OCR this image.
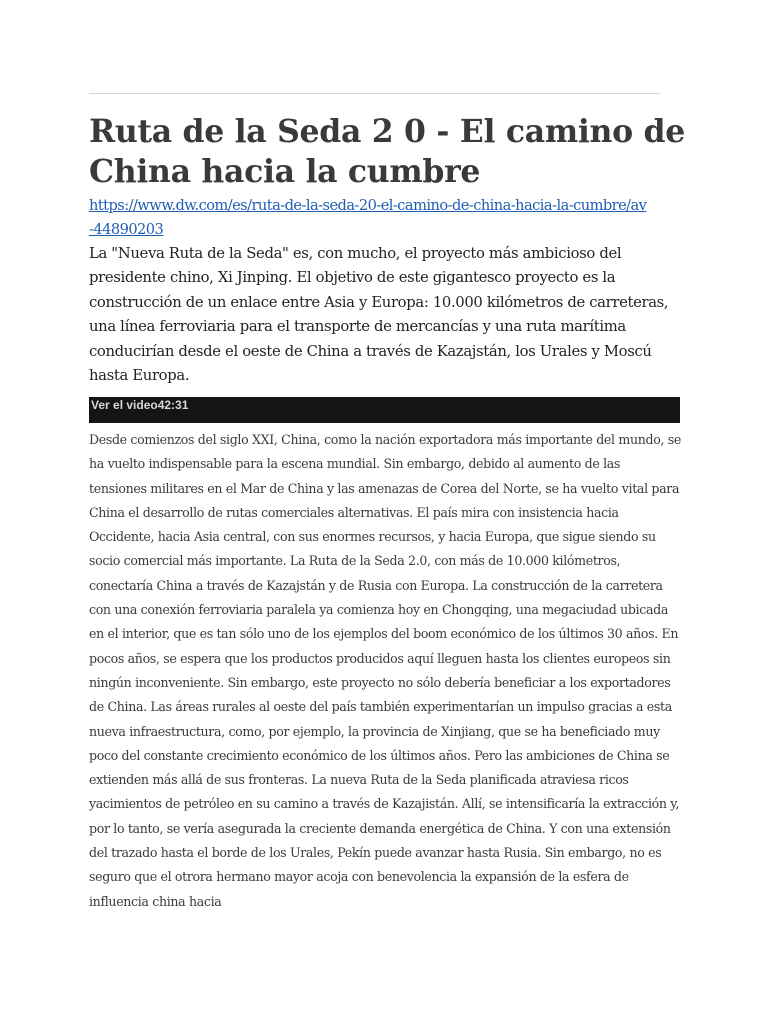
Ruta de la Seda 2 0 - El camino de China hacia la cumbre
https://www.dw.com/es/ruta-de-la-seda-20-el-camino-de-china-hacia-la-cumbre/av-44890203

La "Nueva Ruta de la Seda" es, con mucho, el proyecto más ambicioso del presidente chino, Xi Jinping. El objetivo de este gigantesco proyecto es la construcción de un enlace entre Asia y Europa: 10.000 kilómetros de carreteras, una línea ferroviaria para el transporte de mercancías y una ruta marítima conducirían desde el oeste de China a través de Kazajstán, los Urales y Moscú hasta Europa.

Ver el video42:31

Desde comienzos del siglo XXI, China, como la nación exportadora más importante del mundo, se ha vuelto indispensable para la escena mundial. Sin embargo, debido al aumento de las tensiones militares en el Mar de China y las amenazas de Corea del Norte, se ha vuelto vital para China el desarrollo de rutas comerciales alternativas. El país mira con insistencia hacia Occidente, hacia Asia central, con sus enormes recursos, y hacia Europa, que sigue siendo su socio comercial más importante. La Ruta de la Seda 2.0, con más de 10.000 kilómetros, conectaría China a través de Kazajstán y de Rusia con Europa. La construcción de la carretera con una conexión ferroviaria paralela ya comienza hoy en Chongqing, una megaciudad ubicada en el interior, que es tan sólo uno de los ejemplos del boom económico de los últimos 30 años. En pocos años, se espera que los productos producidos aquí lleguen hasta los clientes europeos sin ningún inconveniente. Sin embargo, este proyecto no sólo debería beneficiar a los exportadores de China. Las áreas rurales al oeste del país también experimentarían un impulso gracias a esta nueva infraestructura, como, por ejemplo, la provincia de Xinjiang, que se ha beneficiado muy poco del constante crecimiento económico de los últimos años. Pero las ambiciones de China se extienden más allá de sus fronteras. La nueva Ruta de la Seda planificada atraviesa ricos yacimientos de petróleo en su camino a través de Kazajistán. Allí, se intensificaría la extracción y, por lo tanto, se vería asegurada la creciente demanda energética de China. Y con una extensión del trazado hasta el borde de los Urales, Pekín puede avanzar hasta Rusia. Sin embargo, no es seguro que el otrora hermano mayor acoja con benevolencia la expansión de la esfera de influencia china hacia
